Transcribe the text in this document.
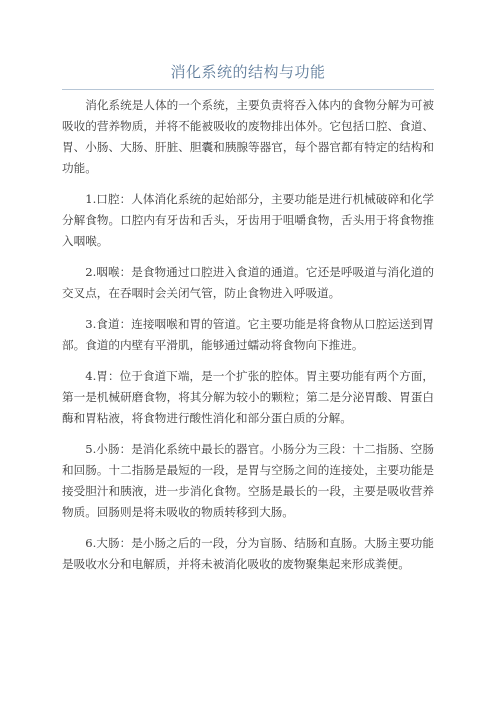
消化系统的结构与功能

消化系统是人体的一个系统，主要负责将吞入体内的食物分解为可被吸收的营养物质，并将不能被吸收的废物排出体外。它包括口腔、食道、胃、小肠、大肠、肝脏、胆囊和胰腺等器官，每个器官都有特定的结构和功能。

1.口腔：人体消化系统的起始部分，主要功能是进行机械破碎和化学分解食物。口腔内有牙齿和舌头，牙齿用于咀嚼食物，舌头用于将食物推入咽喉。

2.咽喉：是食物通过口腔进入食道的通道。它还是呼吸道与消化道的交叉点，在吞咽时会关闭气管，防止食物进入呼吸道。

3.食道：连接咽喉和胃的管道。它主要功能是将食物从口腔运送到胃部。食道的内壁有平滑肌，能够通过蠕动将食物向下推进。

4.胃：位于食道下端，是一个扩张的腔体。胃主要功能有两个方面，第一是机械研磨食物，将其分解为较小的颗粒；第二是分泌胃酸、胃蛋白酶和胃粘液，将食物进行酸性消化和部分蛋白质的分解。

5.小肠：是消化系统中最长的器官。小肠分为三段：十二指肠、空肠和回肠。十二指肠是最短的一段，是胃与空肠之间的连接处，主要功能是接受胆汁和胰液，进一步消化食物。空肠是最长的一段，主要是吸收营养物质。回肠则是将未吸收的物质转移到大肠。

6.大肠：是小肠之后的一段，分为盲肠、结肠和直肠。大肠主要功能是吸收水分和电解质，并将未被消化吸收的废物聚集起来形成粪便。
